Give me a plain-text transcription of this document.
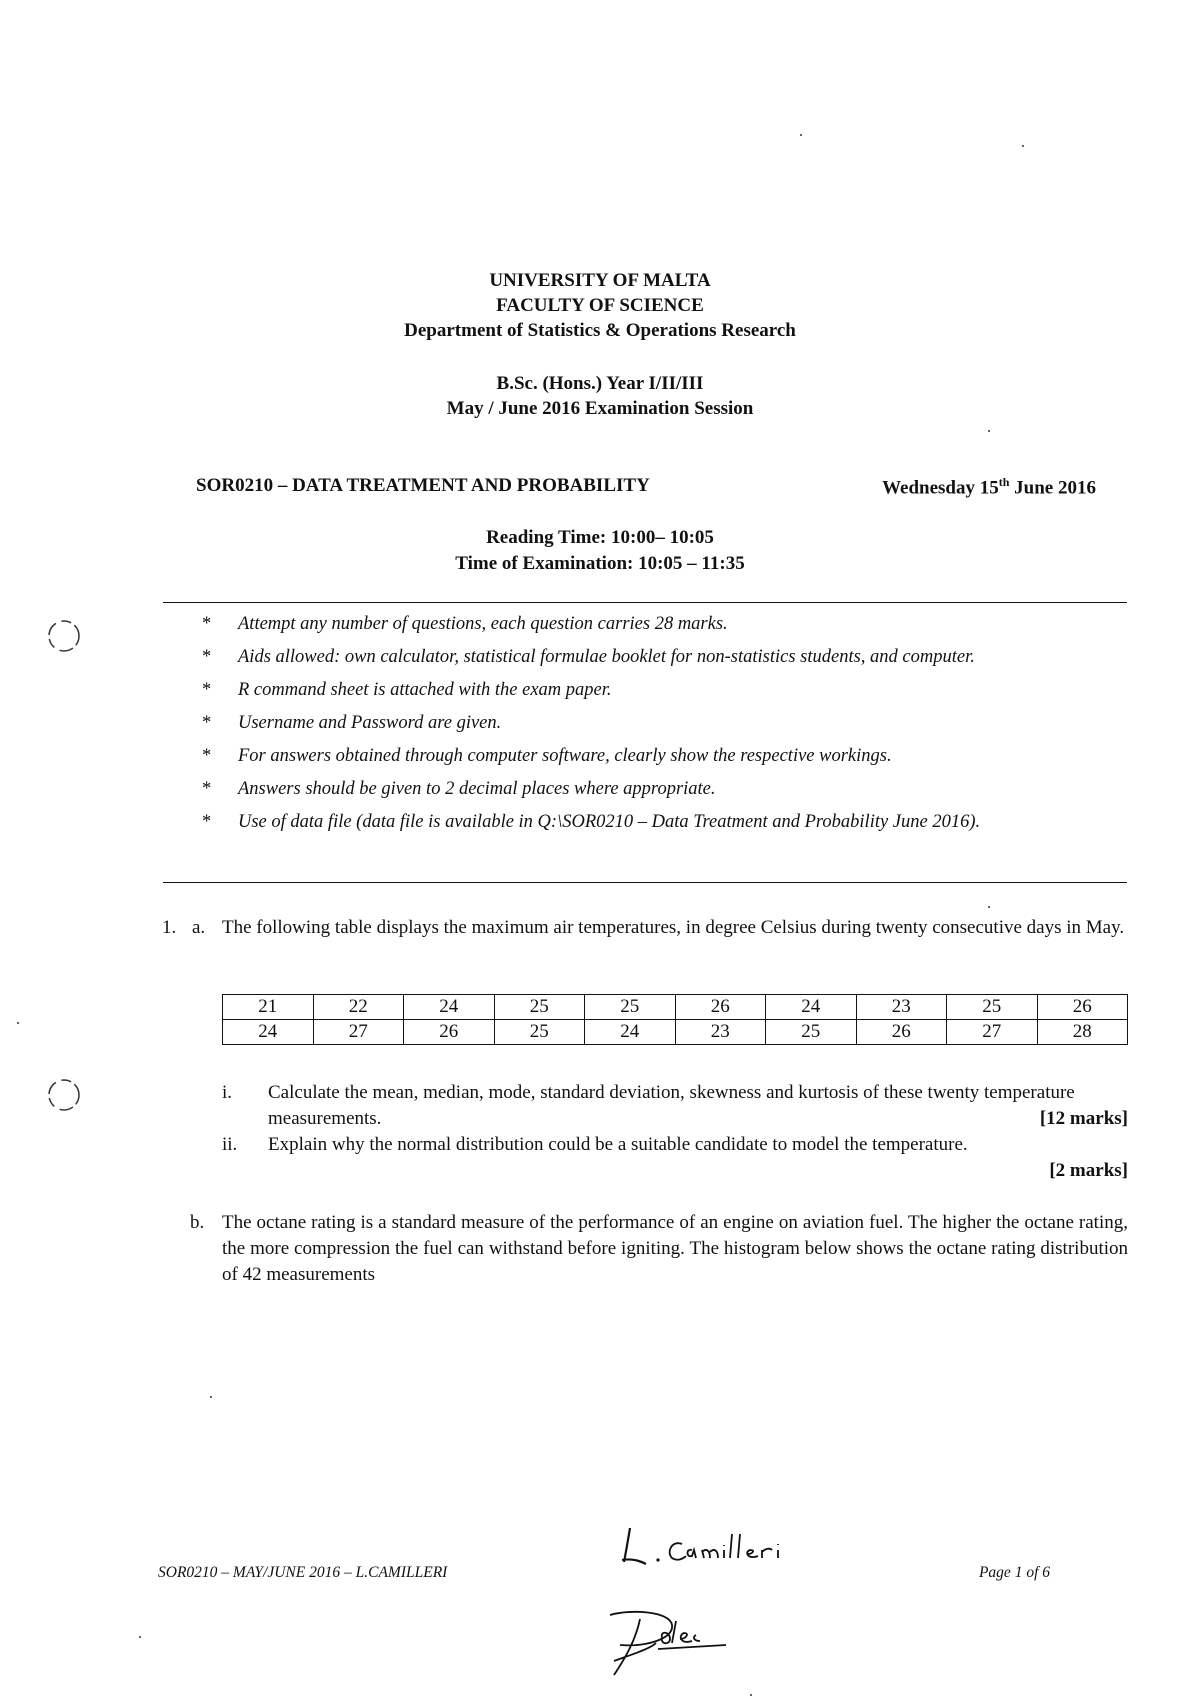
UNIVERSITY OF MALTA
FACULTY OF SCIENCE
Department of Statistics & Operations Research
B.Sc. (Hons.) Year I/II/III
May / June 2016 Examination Session
SOR0210 – DATA TREATMENT AND PROBABILITY	Wednesday 15th June 2016
Reading Time: 10:00– 10:05
Time of Examination: 10:05 – 11:35
* Attempt any number of questions, each question carries 28 marks.
* Aids allowed: own calculator, statistical formulae booklet for non-statistics students, and computer.
* R command sheet is attached with the exam paper.
* Username and Password are given.
* For answers obtained through computer software, clearly show the respective workings.
* Answers should be given to 2 decimal places where appropriate.
* Use of data file (data file is available in Q:\SOR0210 – Data Treatment and Probability June 2016).
1. a. The following table displays the maximum air temperatures, in degree Celsius during twenty consecutive days in May.
21	22	24	25	25	26	24	23	25	26
24	27	26	25	24	23	25	26	27	28
i. Calculate the mean, median, mode, standard deviation, skewness and kurtosis of these twenty temperature measurements.	[12 marks]
ii. Explain why the normal distribution could be a suitable candidate to model the temperature.
[2 marks]
b. The octane rating is a standard measure of the performance of an engine on aviation fuel. The higher the octane rating, the more compression the fuel can withstand before igniting. The histogram below shows the octane rating distribution of 42 measurements
SOR0210 – MAY/JUNE 2016 – L.CAMILLERI	Page 1 of 6
